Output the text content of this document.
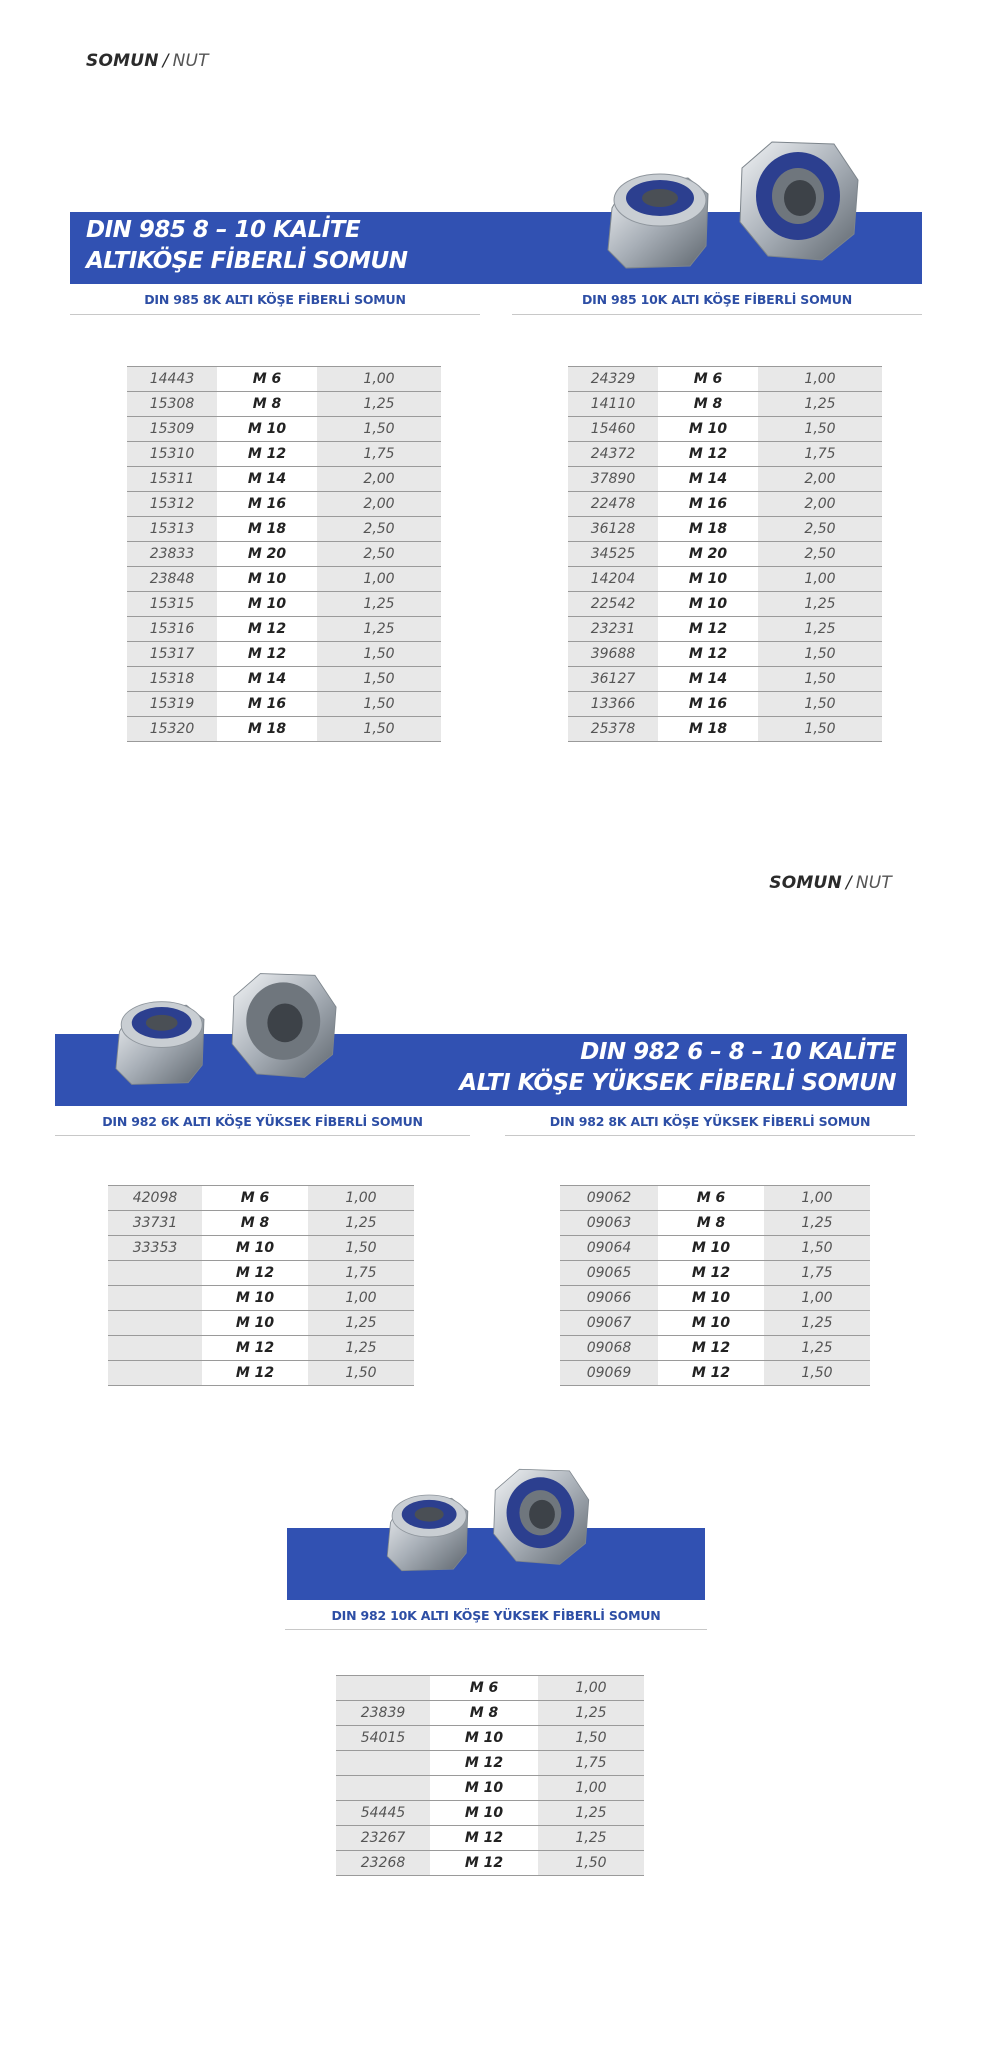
SOMUN / NUT
DIN 985 8 – 10 KALİTE
ALTIKÖŞE FİBERLİ SOMUN
DIN 985 8K ALTI KÖŞE FİBERLİ SOMUN	DIN 985 10K ALTI KÖŞE FİBERLİ SOMUN
14443	M 6	1,00
15308	M 8	1,25
15309	M 10	1,50
15310	M 12	1,75
15311	M 14	2,00
15312	M 16	2,00
15313	M 18	2,50
23833	M 20	2,50
23848	M 10	1,00
15315	M 10	1,25
15316	M 12	1,25
15317	M 12	1,50
15318	M 14	1,50
15319	M 16	1,50
15320	M 18	1,50
24329	M 6	1,00
14110	M 8	1,25
15460	M 10	1,50
24372	M 12	1,75
37890	M 14	2,00
22478	M 16	2,00
36128	M 18	2,50
34525	M 20	2,50
14204	M 10	1,00
22542	M 10	1,25
23231	M 12	1,25
39688	M 12	1,50
36127	M 14	1,50
13366	M 16	1,50
25378	M 18	1,50
SOMUN / NUT
DIN 982 6 – 8 – 10 KALİTE
ALTI KÖŞE YÜKSEK FİBERLİ SOMUN
DIN 982 6K ALTI KÖŞE YÜKSEK FİBERLİ SOMUN	DIN 982 8K ALTI KÖŞE YÜKSEK FİBERLİ SOMUN
42098	M 6	1,00
33731	M 8	1,25
33353	M 10	1,50
	M 12	1,75
	M 10	1,00
	M 10	1,25
	M 12	1,25
	M 12	1,50
09062	M 6	1,00
09063	M 8	1,25
09064	M 10	1,50
09065	M 12	1,75
09066	M 10	1,00
09067	M 10	1,25
09068	M 12	1,25
09069	M 12	1,50
DIN 982 10K ALTI KÖŞE YÜKSEK FİBERLİ SOMUN
	M 6	1,00
23839	M 8	1,25
54015	M 10	1,50
	M 12	1,75
	M 10	1,00
54445	M 10	1,25
23267	M 12	1,25
23268	M 12	1,50
